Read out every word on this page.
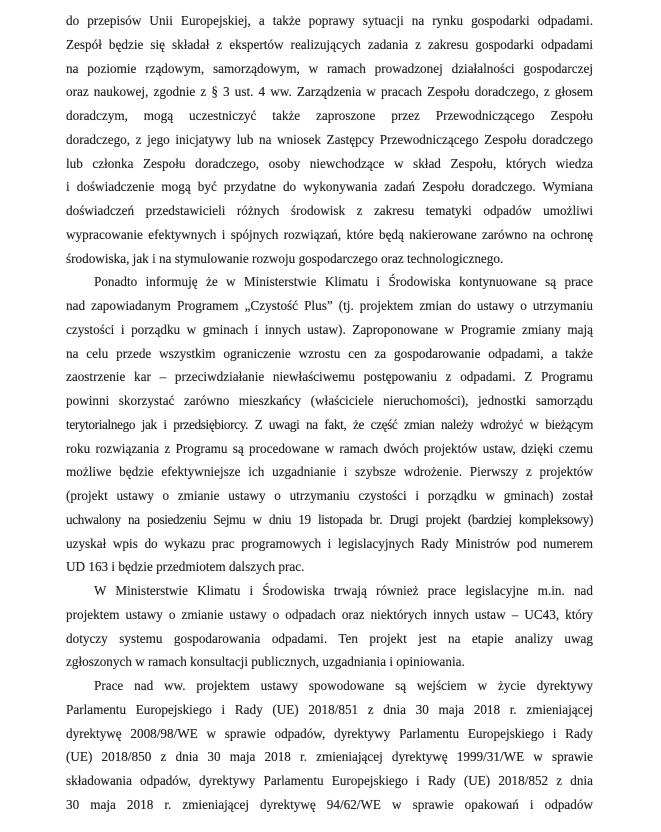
do przepisów Unii Europejskiej, a także poprawy sytuacji na rynku gospodarki odpadami.
Zespół będzie się składał z ekspertów realizujących zadania z zakresu gospodarki odpadami
na poziomie rządowym, samorządowym, w ramach prowadzonej działalności gospodarczej
oraz naukowej, zgodnie z § 3 ust. 4 ww. Zarządzenia w pracach Zespołu doradczego, z głosem
doradczym, mogą uczestniczyć także zaproszone przez Przewodniczącego Zespołu
doradczego, z jego inicjatywy lub na wniosek Zastępcy Przewodniczącego Zespołu doradczego
lub członka Zespołu doradczego, osoby niewchodzące w skład Zespołu, których wiedza
i doświadczenie mogą być przydatne do wykonywania zadań Zespołu doradczego. Wymiana
doświadczeń przedstawicieli różnych środowisk z zakresu tematyki odpadów umożliwi
wypracowanie efektywnych i spójnych rozwiązań, które będą nakierowane zarówno na ochronę
środowiska, jak i na stymulowanie rozwoju gospodarczego oraz technologicznego.
Ponadto informuję że w Ministerstwie Klimatu i Środowiska kontynuowane są prace
nad zapowiadanym Programem „Czystość Plus” (tj. projektem zmian do ustawy o utrzymaniu
czystości i porządku w gminach i innych ustaw). Zaproponowane w Programie zmiany mają
na celu przede wszystkim ograniczenie wzrostu cen za gospodarowanie odpadami, a także
zaostrzenie kar – przeciwdziałanie niewłaściwemu postępowaniu z odpadami. Z Programu
powinni skorzystać zarówno mieszkańcy (właściciele nieruchomości), jednostki samorządu
terytorialnego jak i przedsiębiorcy. Z uwagi na fakt, że część zmian należy wdrożyć w bieżącym
roku rozwiązania z Programu są procedowane w ramach dwóch projektów ustaw, dzięki czemu
możliwe będzie efektywniejsze ich uzgadnianie i szybsze wdrożenie. Pierwszy z projektów
(projekt ustawy o zmianie ustawy o utrzymaniu czystości i porządku w gminach) został
uchwalony na posiedzeniu Sejmu w dniu 19 listopada br. Drugi projekt (bardziej kompleksowy)
uzyskał wpis do wykazu prac programowych i legislacyjnych Rady Ministrów pod numerem
UD 163 i będzie przedmiotem dalszych prac.
W Ministerstwie Klimatu i Środowiska trwają również prace legislacyjne m.in. nad
projektem ustawy o zmianie ustawy o odpadach oraz niektórych innych ustaw – UC43, który
dotyczy systemu gospodarowania odpadami. Ten projekt jest na etapie analizy uwag
zgłoszonych w ramach konsultacji publicznych, uzgadniania i opiniowania.
Prace nad ww. projektem ustawy spowodowane są wejściem w życie dyrektywy
Parlamentu Europejskiego i Rady (UE) 2018/851 z dnia 30 maja 2018 r. zmieniającej
dyrektywę 2008/98/WE w sprawie odpadów, dyrektywy Parlamentu Europejskiego i Rady
(UE) 2018/850 z dnia 30 maja 2018 r. zmieniającej dyrektywę 1999/31/WE w sprawie
składowania odpadów, dyrektywy Parlamentu Europejskiego i Rady (UE) 2018/852 z dnia
30 maja 2018 r. zmieniającej dyrektywę 94/62/WE w sprawie opakowań i odpadów
